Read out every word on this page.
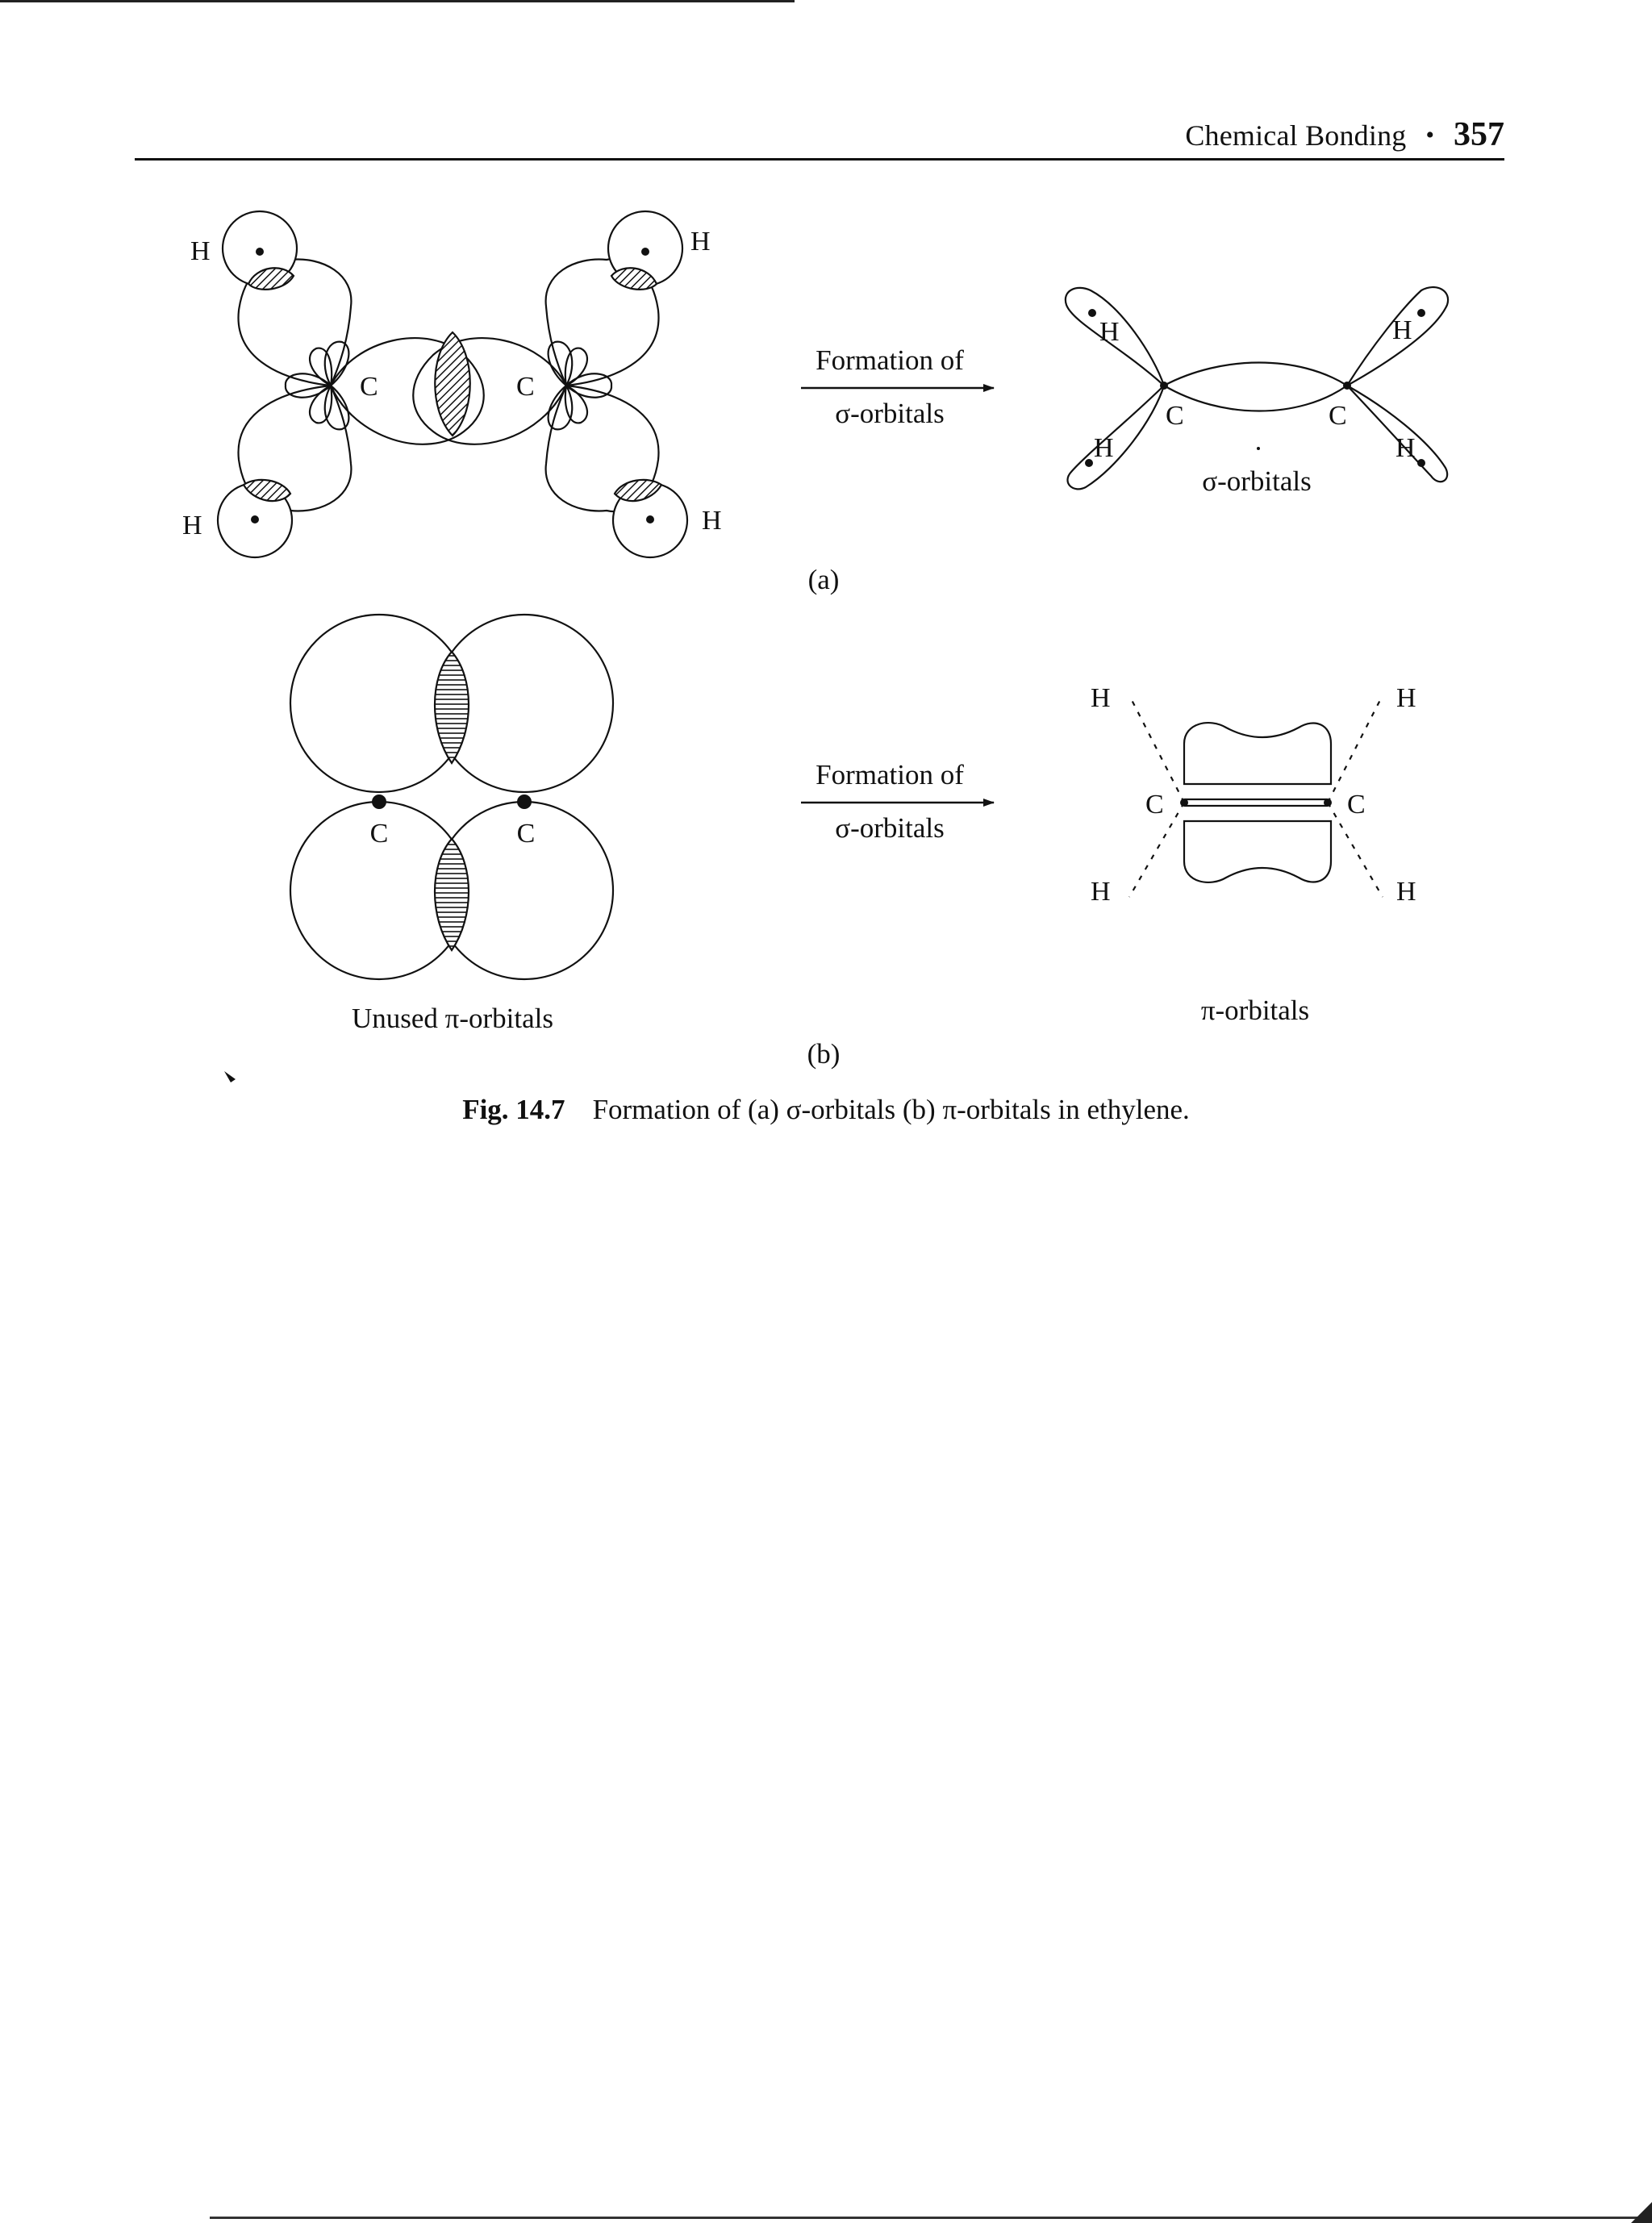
Chemical Bonding • 357
H
H
H
H
C	C
Formation of
σ-orbitals
H
H
H
H
C	C
σ-orbitals
(a)
C	C
Unused π-orbitals
Formation of
σ-orbitals
H	H
H	H
C	C
π-orbitals
(b)
Fig. 14.7 Formation of (a) σ-orbitals (b) π-orbitals in ethylene.
